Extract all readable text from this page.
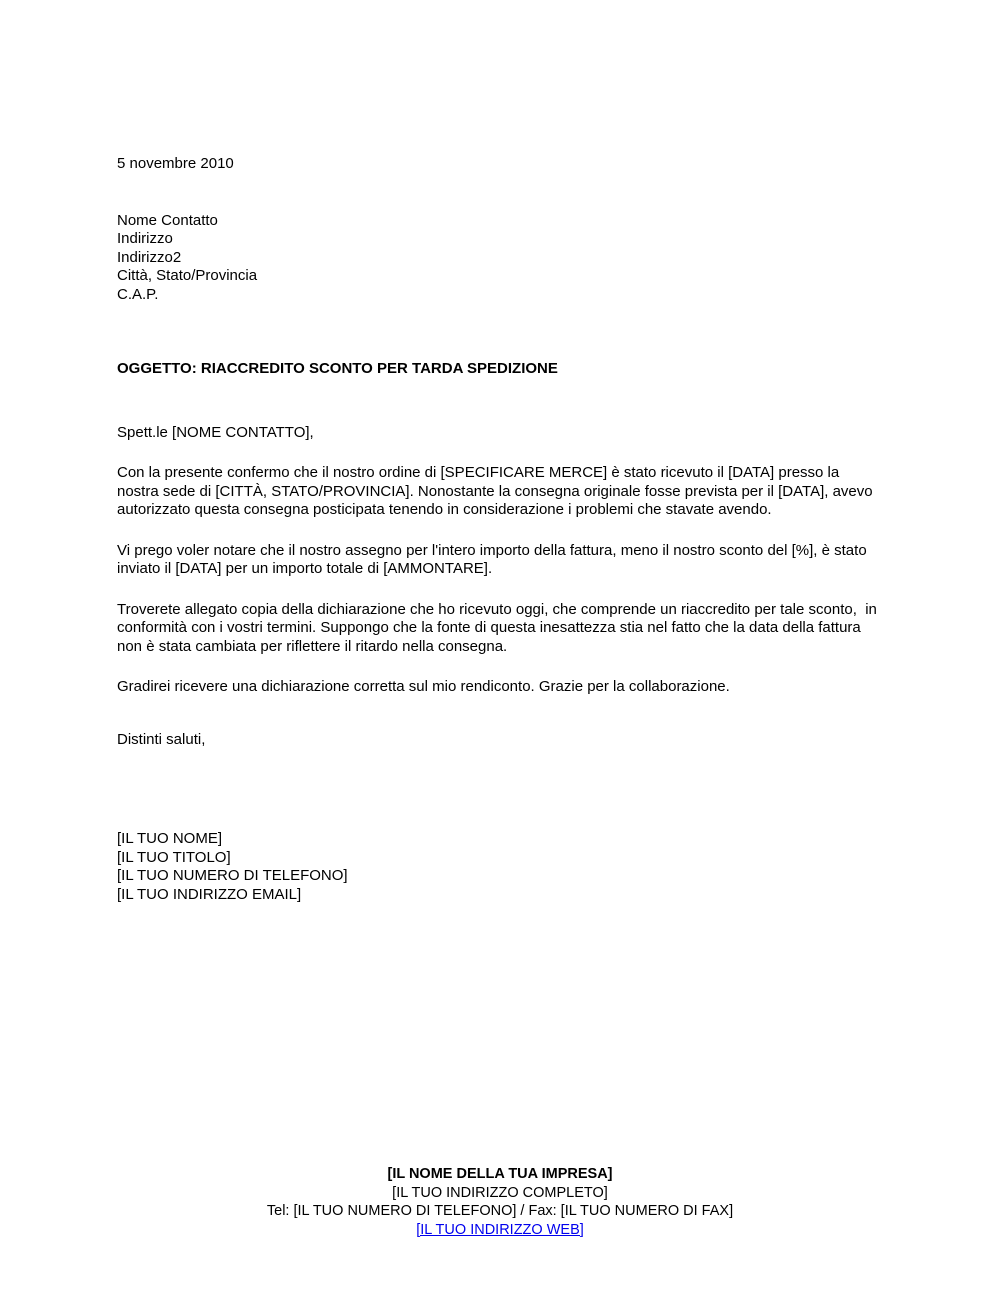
5 novembre 2010
Nome Contatto
Indirizzo
Indirizzo2
Città, Stato/Provincia
C.A.P.
OGGETTO: RIACCREDITO SCONTO PER TARDA SPEDIZIONE
Spett.le [NOME CONTATTO],
Con la presente confermo che il nostro ordine di [SPECIFICARE MERCE] è stato ricevuto il [DATA] presso la nostra sede di [CITTÀ, STATO/PROVINCIA]. Nonostante la consegna originale fosse prevista per il [DATA], avevo autorizzato questa consegna posticipata tenendo in considerazione i problemi che stavate avendo.
Vi prego voler notare che il nostro assegno per l'intero importo della fattura, meno il nostro sconto del [%], è stato inviato il [DATA] per un importo totale di [AMMONTARE].
Troverete allegato copia della dichiarazione che ho ricevuto oggi, che comprende un riaccredito per tale sconto,  in conformità con i vostri termini. Suppongo che la fonte di questa inesattezza stia nel fatto che la data della fattura non è stata cambiata per riflettere il ritardo nella consegna.
Gradirei ricevere una dichiarazione corretta sul mio rendiconto. Grazie per la collaborazione.
Distinti saluti,
[IL TUO NOME]
[IL TUO TITOLO]
[IL TUO NUMERO DI TELEFONO]
[IL TUO INDIRIZZO EMAIL]
[IL NOME DELLA TUA IMPRESA]
[IL TUO INDIRIZZO COMPLETO]
Tel: [IL TUO NUMERO DI TELEFONO] / Fax: [IL TUO NUMERO DI FAX]
[IL TUO INDIRIZZO WEB]
